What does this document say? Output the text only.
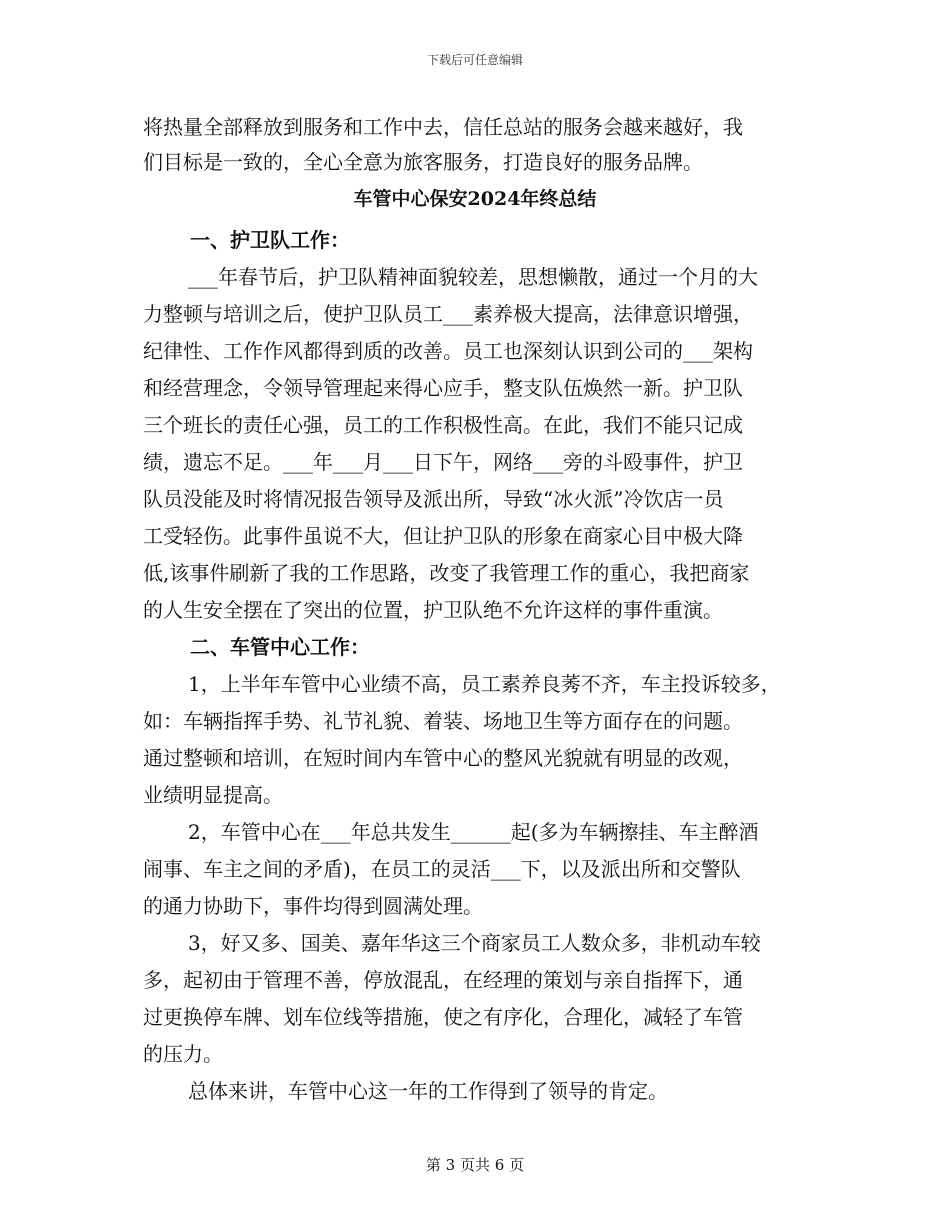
下载后可任意编辑
将热量全部释放到服务和工作中去，信任总站的服务会越来越好，我
们目标是一致的，全心全意为旅客服务，打造良好的服务品牌。
车管中心保安2024年终总结
一、护卫队工作：
___年春节后，护卫队精神面貌较差，思想懒散，通过一个月的大
力整顿与培训之后，使护卫队员工___素养极大提高，法律意识增强，
纪律性、工作作风都得到质的改善。员工也深刻认识到公司的___架构
和经营理念，令领导管理起来得心应手，整支队伍焕然一新。护卫队
三个班长的责任心强，员工的工作积极性高。在此，我们不能只记成
绩，遗忘不足。___年___月___日下午，网络___旁的斗殴事件，护卫
队员没能及时将情况报告领导及派出所，导致“冰火派”冷饮店一员
工受轻伤。此事件虽说不大，但让护卫队的形象在商家心目中极大降
低,该事件刷新了我的工作思路，改变了我管理工作的重心，我把商家
的人生安全摆在了突出的位置，护卫队绝不允许这样的事件重演。
二、车管中心工作：
1，上半年车管中心业绩不高，员工素养良莠不齐，车主投诉较多，
如：车辆指挥手势、礼节礼貌、着装、场地卫生等方面存在的问题。
通过整顿和培训，在短时间内车管中心的整风光貌就有明显的改观，
业绩明显提高。
2，车管中心在___年总共发生______起(多为车辆擦挂、车主醉酒
闹事、车主之间的矛盾)，在员工的灵活___下，以及派出所和交警队
的通力协助下，事件均得到圆满处理。
3，好又多、国美、嘉年华这三个商家员工人数众多，非机动车较
多，起初由于管理不善，停放混乱，在经理的策划与亲自指挥下，通
过更换停车牌、划车位线等措施，使之有序化，合理化，减轻了车管
的压力。
总体来讲，车管中心这一年的工作得到了领导的肯定。
第 3 页共 6 页
